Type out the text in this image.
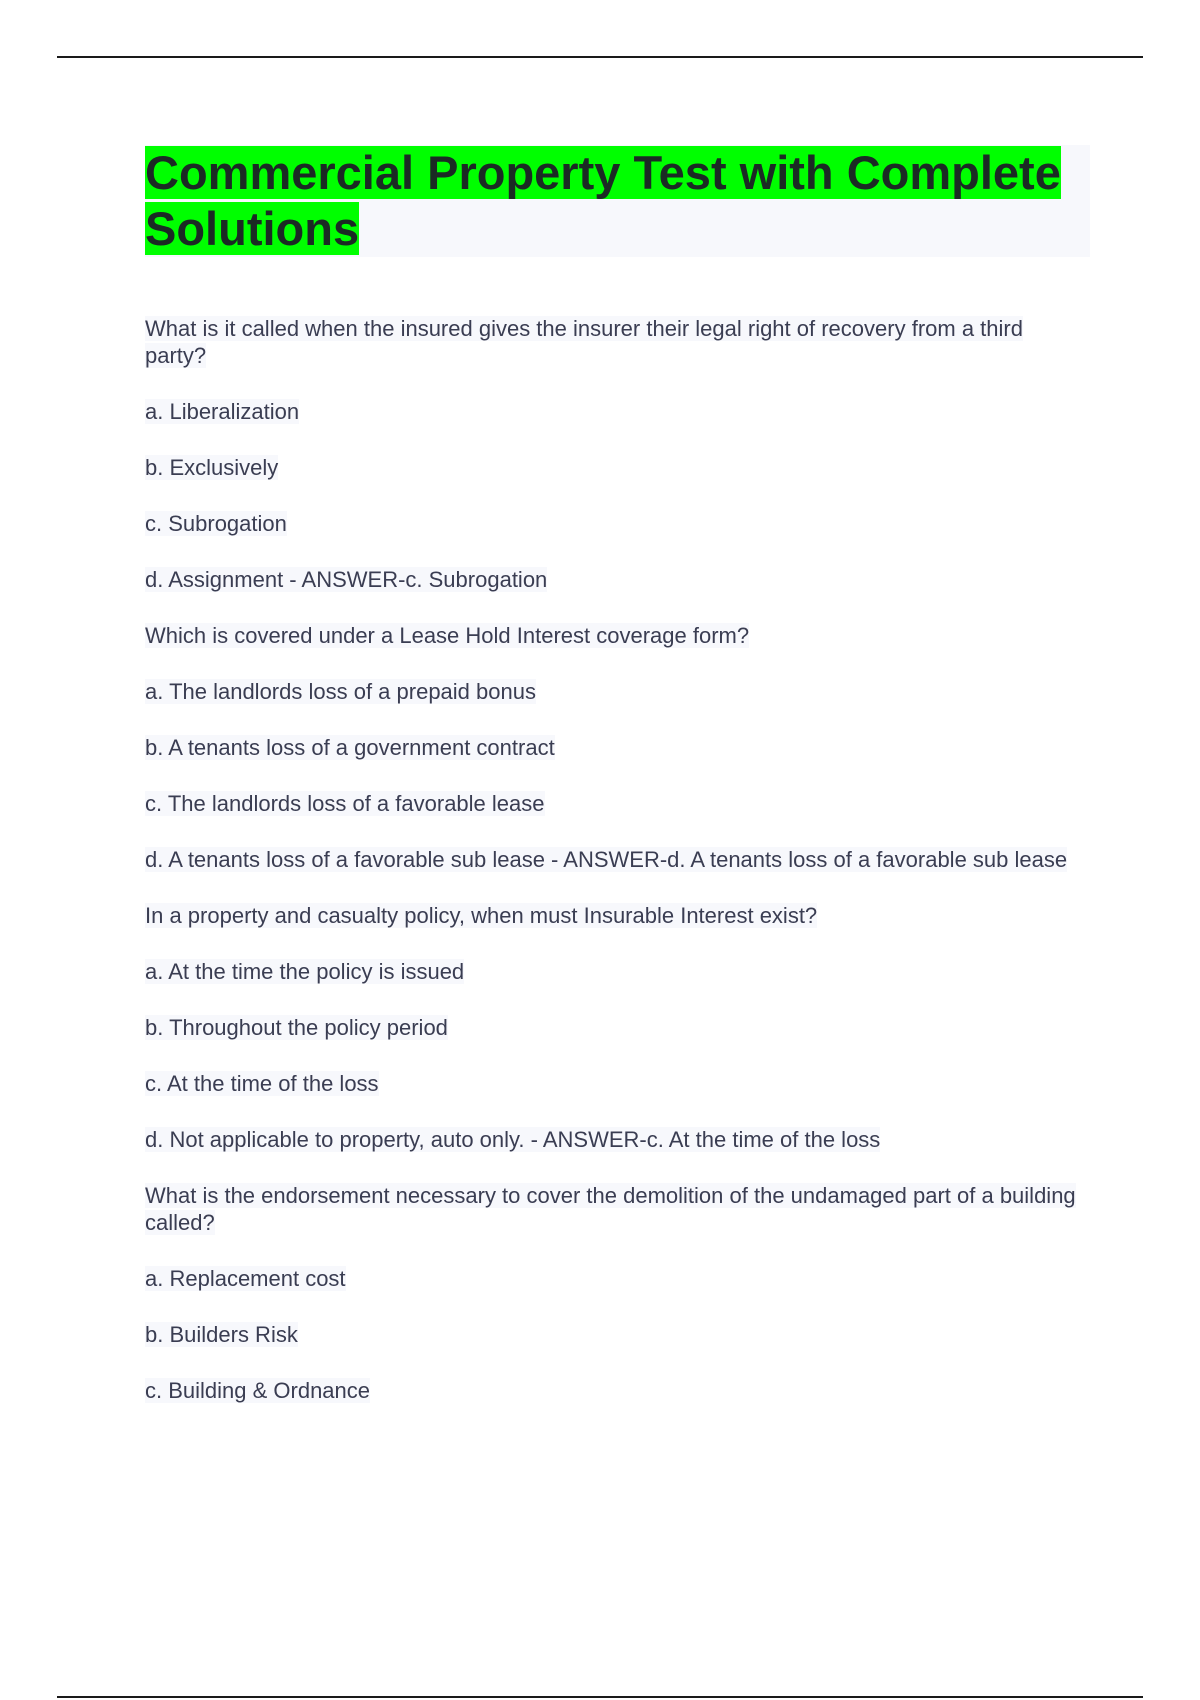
Commercial Property Test with Complete Solutions

What is it called when the insured gives the insurer their legal right of recovery from a third party?

a. Liberalization

b. Exclusively

c. Subrogation

d. Assignment - ANSWER-c. Subrogation

Which is covered under a Lease Hold Interest coverage form?

a. The landlords loss of a prepaid bonus

b. A tenants loss of a government contract

c. The landlords loss of a favorable lease

d. A tenants loss of a favorable sub lease - ANSWER-d. A tenants loss of a favorable sub lease

In a property and casualty policy, when must Insurable Interest exist?

a. At the time the policy is issued

b. Throughout the policy period

c. At the time of the loss

d. Not applicable to property, auto only. - ANSWER-c. At the time of the loss

What is the endorsement necessary to cover the demolition of the undamaged part of a building called?

a. Replacement cost

b. Builders Risk

c. Building & Ordnance
